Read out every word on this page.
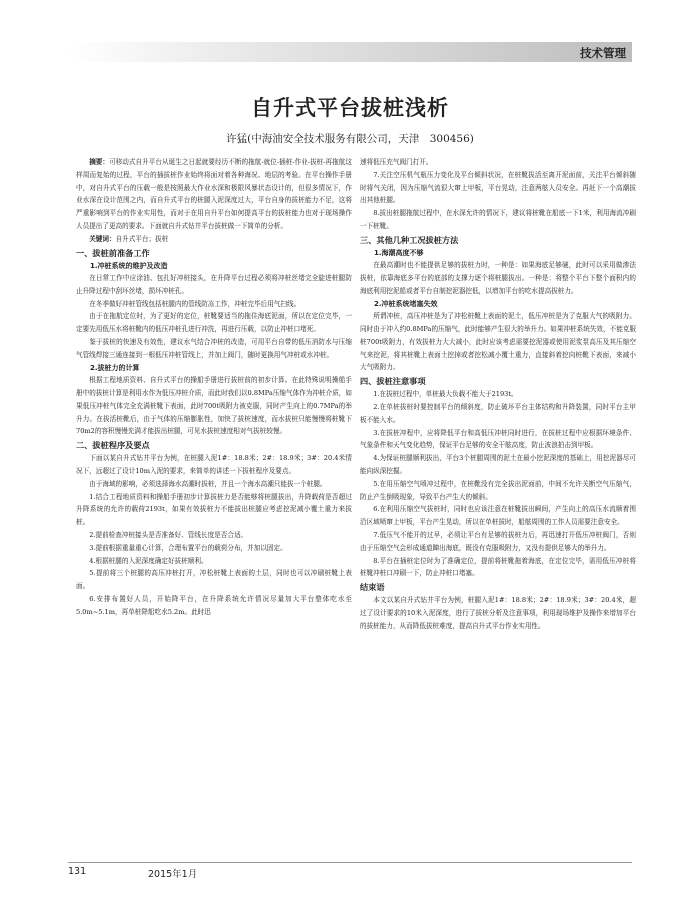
技术管理
自升式平台拔桩浅析
许猛(中海油安全技术服务有限公司，天津　300456)

摘要：可移动式自升平台从诞生之日起就要经历不断的拖航-就位-插桩-作业-拔桩-再拖航这样周而复始的过程，平台的插拔桩作业始终将面对着各种海况、地层的考验。在平台操作手册中，对自升式平台的压载一般是按照最大作业水深和极限风暴状态设计的，但很多情况下，作业水深在设计范围之内，而自升式平台的桩腿入泥深度过大，平台自身的拔桩能力不足，这将严重影响到平台的作业实用性，而对于在用自升平台如何提高平台的拔桩能力也对于现场操作人员提出了更高的要求。下面就自升式钻井平台拔桩做一下简单的分析。

关键词：自升式平台；拔桩

一、拔桩前准备工作

1.冲桩系统的维护及改造

在日常工作中应涂油、包扎好冲桩接头，在升降平台过程必须将冲桩丝堵完全旋进桩腿防止升降过程中刮坏丝堵，损坏冲桩孔。

在冬季做好冲桩管线包括桩腿内的管线防冻工作，冲桩完毕后用气扫线。

由于在拖航定位时，为了更好的定位，桩靴要适当的拖住海底泥面，所以在定位完毕，一定要先用低压水将桩靴内的低压冲桩孔进行冲洗，再进行压载，以防止冲桩口堵死。

鉴于拔桩的快速及有效性，建议水气结合冲桩的改造，可用平台自带的低压消防水与压缩气管线焊接三通连接到一根低压冲桩管线上，并加上阀门，随时更换用气冲桩或水冲桩。

2.拔桩力的计算

根据工程地质资料、自升式平台的操船手册进行拔桩前的初步计算。在此特殊说明操船手册中的拔桩计算是利用水作为低压冲桩介质，而此时我们以0.8MPa压缩气体作为冲桩介质，如果低压冲桩气体完全充满桩靴下表面，此时700t吸附力被克服，同时产生向上的0.7MPa的举升力。在拔活桩靴后，由于气体的压缩膨胀性，加快了拔桩速度，而水拔桩只能慢慢将桩靴下70m2的容积慢慢充满才能拔出桩腿，可见水拔桩速度相对气拔桩较慢。

二、拔桩程序及要点

下面以某自升式钻井平台为例，在桩腿入泥1#：18.8米；2#：18.9米；3#：20.4米情况下，远超过了设计10m入泥的要求，来简单的讲述一下拔桩程序及要点。

由于海域的影响，必须选择海水高潮时拔桩，并且一个海水高潮只能拔一个桩腿。

1.结合工程地质资料和操船手册初步计算拔桩力是否能够将桩腿拔出，升降载荷是否超过升降系统的允许的载荷2193t，如果有效拔桩力不能拔出桩腿应考虑挖泥减小覆土重力来拔桩。

2.提前检查冲桩接头是否准备好、管线长度是否合适。

3.提前根据重量重心计算，合理布置平台的载荷分布，并加以固定。

4.根据桩腿的入泥深度确定好拔桩顺利。

5.提前将三个桩腿的高压冲桩打开，冲松桩靴上表面的土层，同时也可以冲刷桩靴上表面。

6.安排布置好人员，开始降平台，在升降系统允许情况尽量加大平台整体吃水至5.0m~5.1m，再单桩降船吃水5.2m。此时迅

速将低压充气阀门打开。

7.关注空压机气瓶压力变化及平台倾斜状况，在桩靴拔活至离开泥面前，关注平台倾斜随时将气关闭，因为压缩气流很大窜上甲板，平台晃动，注意两舷人员安全。再赶下一个高潮拔出其他桩腿。

8.拔出桩腿拖航过程中，在水深允许的情况下，建议将桩靴在船底一下1米，利用海流冲刷一下桩靴。

三、其他几种工况拔桩方法

1.海潮高度不够

在最高潮时也不能提供足够的拔桩力时，一种是：如果海底足够硬，此时可以采用做渗法拔桩，依靠海底多平台的底部的支撑力逐个将桩腿拔出。一种是：将整个平台下整个面积内的海底利用挖泥船或者平台自制挖泥器挖低，以增加平台的吃水提高拔桩力。

2.冲桩系统堵塞失效

所谓冲桩，高压冲桩是为了冲松桩靴上表面的泥土，低压冲桩是为了克服大气的吸附力。同时由于冲入约0.8MPa的压缩气，此时能够产生很大的举升力。如果冲桩系统失效，不能克服桩700t吸附力，有效拔桩力大大减小，此时应该考虑需要挖泥器或使用泥浆泵高压及其压缩空气来挖泥，将其桩靴上表面土挖掉或者挖松减小覆土重力，直接斜着挖向桩靴下表面，来减小大气吸附力。

四、拔桩注意事项

1.在拔桩过程中，单桩最大负载不能大于2193t。

2.在单桩拔桩时要控制平台的倾斜度，防止破坏平台主体结构和升降装置，同时平台主甲板不能入水。

3.在拔桩冲程中，应将降低平台和高低压冲桩同时进行，在拔桩过程中应根据环境条件、气象条件和天气变化趋势，保证平台足够的安全干舷高度，防止波浪拍击到甲板。

4.为保证桩腿顺利拔出，平台3个桩腿周围的泥土在最小挖泥深度的基础上，用挖泥器尽可能向纵深挖掘。

5.在用压缩空气喷冲过程中，在桩靴没有完全拔出泥面前，中间不允许关断空气压缩气，防止产生倒吸现象，导致平台产生大的倾斜。

6.在利用压缩空气拔桩时，同时也应该注意在桩靴拔出瞬间，产生向上的高压水流顺着围沿区域喷窜上甲板，平台产生晃动，所以在单桩拔时，船舷周围的工作人员需要注意安全。

7.低压气不能开的过早，必须让平台有足够的拔桩力后，再迅速打开低压冲桩阀门，否则由于压缩空气会形成通道蹿出海底，既没有克服吸附力，又没有提供足够大的举升力。

8.平台在插桩定位时为了准确定位，提前将桩靴拖着海底，在定位完毕，需用低压冲桩将桩靴冲桩口冲刷一下，防止冲桩口堵塞。

结束语

本文以某自升式钻井平台为例，桩腿入泥1#：18.8米；2#：18.9米；3#：20.4米，超过了设计要求的10米入泥深度，进行了拔桩分析及注意事项，利用现场维护及操作来增加平台的拔桩能力，从而降低拔桩难度，提高自升式平台作业实用性。

131	2015年1月
